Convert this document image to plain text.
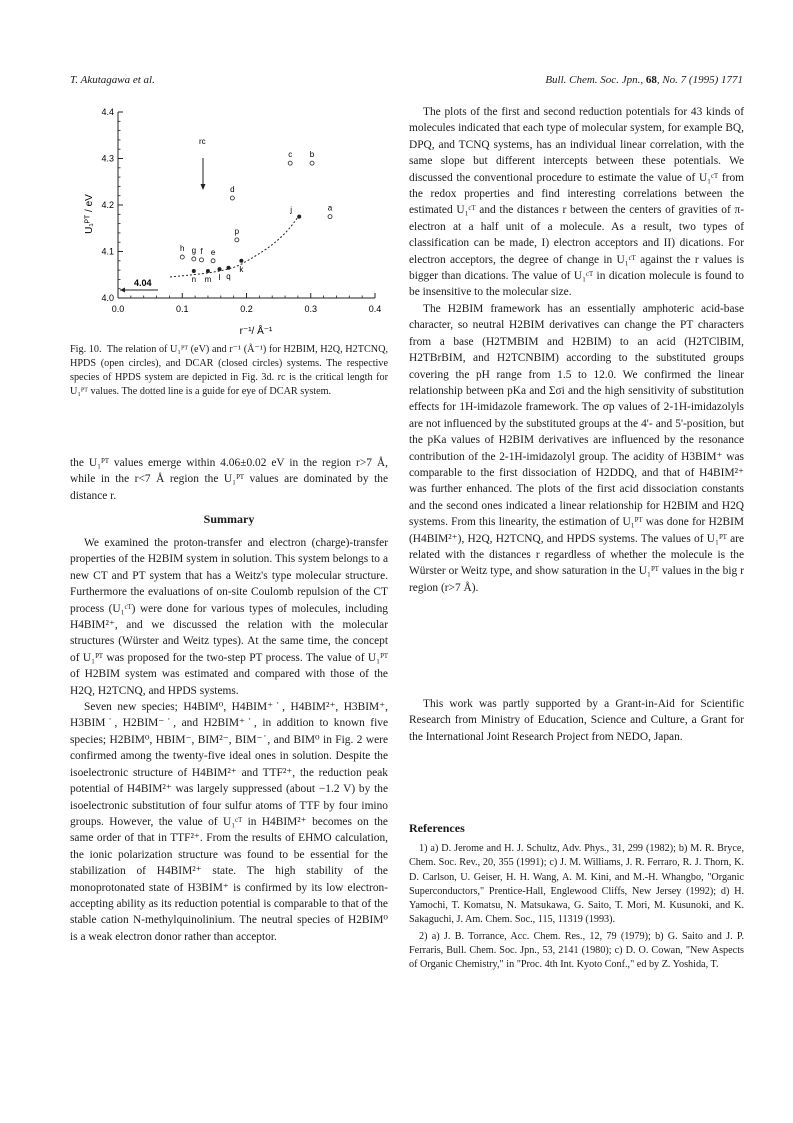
T. Akutagawa et al.	Bull. Chem. Soc. Jpn., 68, No. 7 (1995) 1771
0.0	0.1	0.2	0.3	0.4
4.0
4.1
4.2
4.3
4.4
U₁ᴾᵀ / eV
r⁻¹/ Å⁻¹
4.04
rc
h g f e
d
c b
a
p
n m l q
k
j
Fig. 10. The relation of U₁ᴾᵀ (eV) and r⁻¹ (Å⁻¹) for H2BIM, H2Q, H2TCNQ, HPDS (open circles), and DCAR (closed circles) systems. The respective species of HPDS system are depicted in Fig. 3d. rc is the critical length for U₁ᴾᵀ values. The dotted line is a guide for eye of DCAR system.
the U₁ᴾᵀ values emerge within 4.06±0.02 eV in the region r>7 Å, while in the r<7 Å region the U₁ᴾᵀ values are dominated by the distance r.
Summary

We examined the proton-transfer and electron (charge)-transfer properties of the H2BIM system in solution. This system belongs to a new CT and PT system that has a Weitz's type molecular structure. Furthermore the evaluations of on-site Coulomb repulsion of the CT process (U₁ᶜᵀ) were done for various types of molecules, including H4BIM²⁺, and we discussed the relation with the molecular structures (Würster and Weitz types). At the same time, the concept of U₁ᴾᵀ was proposed for the two-step PT process. The value of U₁ᴾᵀ of H2BIM system was estimated and compared with those of the H2Q, H2TCNQ, and HPDS systems.

Seven new species; H4BIM⁰, H4BIM⁺˙, H4BIM²⁺, H3BIM⁺, H3BIM˙, H2BIM⁻˙, and H2BIM⁺˙, in addition to known five species; H2BIM⁰, HBIM⁻, BIM²⁻, BIM⁻˙, and BIM⁰ in Fig. 2 were confirmed among the twenty-five ideal ones in solution. Despite the isoelectronic structure of H4BIM²⁺ and TTF²⁺, the reduction peak potential of H4BIM²⁺ was largely suppressed (about −1.2 V) by the isoelectronic substitution of four sulfur atoms of TTF by four imino groups. However, the value of U₁ᶜᵀ in H4BIM²⁺ becomes on the same order of that in TTF²⁺. From the results of EHMO calculation, the ionic polarization structure was found to be essential for the stabilization of H4BIM²⁺ state. The high stability of the monoprotonated state of H3BIM⁺ is confirmed by its low electron-accepting ability as its reduction potential is comparable to that of the stable cation N-methylquinolinium. The neutral species of H2BIM⁰ is a weak electron donor rather than acceptor.

The plots of the first and second reduction potentials for 43 kinds of molecules indicated that each type of molecular system, for example BQ, DPQ, and TCNQ systems, has an individual linear correlation, with the same slope but different intercepts between these potentials. We discussed the conventional procedure to estimate the value of U₁ᶜᵀ from the redox properties and find interesting correlations between the estimated U₁ᶜᵀ and the distances r between the centers of gravities of π-electron at a half unit of a molecule. As a result, two types of classification can be made, I) electron acceptors and II) dications. For electron acceptors, the degree of change in U₁ᶜᵀ against the r values is bigger than dications. The value of U₁ᶜᵀ in dication molecule is found to be insensitive to the molecular size.

The H2BIM framework has an essentially amphoteric acid-base character, so neutral H2BIM derivatives can change the PT characters from a base (H2TMBIM and H2BIM) to an acid (H2TClBIM, H2TBrBIM, and H2TCNBIM) according to the substituted groups covering the pH range from 1.5 to 12.0. We confirmed the linear relationship between pKa and Σσi and the high sensitivity of substitution effects for 1H-imidazole framework. The σp values of 2-1H-imidazolyls are not influenced by the substituted groups at the 4'- and 5'-position, but the pKa values of H2BIM derivatives are influenced by the resonance contribution of the 2-1H-imidazolyl group. The acidity of H3BIM⁺ was comparable to the first dissociation of H2DDQ, and that of H4BIM²⁺ was further enhanced. The plots of the first acid dissociation constants and the second ones indicated a linear relationship for H2BIM and H2Q systems. From this linearity, the estimation of U₁ᴾᵀ was done for H2BIM (H4BIM²⁺), H2Q, H2TCNQ, and HPDS systems. The values of U₁ᴾᵀ are related with the distances r regardless of whether the molecule is the Würster or Weitz type, and show saturation in the U₁ᴾᵀ values in the big r region (r>7 Å).

This work was partly supported by a Grant-in-Aid for Scientific Research from Ministry of Education, Science and Culture, a Grant for the International Joint Research Project from NEDO, Japan.

References

1) a) D. Jerome and H. J. Schultz, Adv. Phys., 31, 299 (1982); b) M. R. Bryce, Chem. Soc. Rev., 20, 355 (1991); c) J. M. Williams, J. R. Ferraro, R. J. Thorn, K. D. Carlson, U. Geiser, H. H. Wang, A. M. Kini, and M.-H. Whangbo, "Organic Superconductors," Prentice-Hall, Englewood Cliffs, New Jersey (1992); d) H. Yamochi, T. Komatsu, N. Matsukawa, G. Saito, T. Mori, M. Kusunoki, and K. Sakaguchi, J. Am. Chem. Soc., 115, 11319 (1993).

2) a) J. B. Torrance, Acc. Chem. Res., 12, 79 (1979); b) G. Saito and J. P. Ferraris, Bull. Chem. Soc. Jpn., 53, 2141 (1980); c) D. O. Cowan, "New Aspects of Organic Chemistry," in "Proc. 4th Int. Kyoto Conf.," ed by Z. Yoshida, T.
